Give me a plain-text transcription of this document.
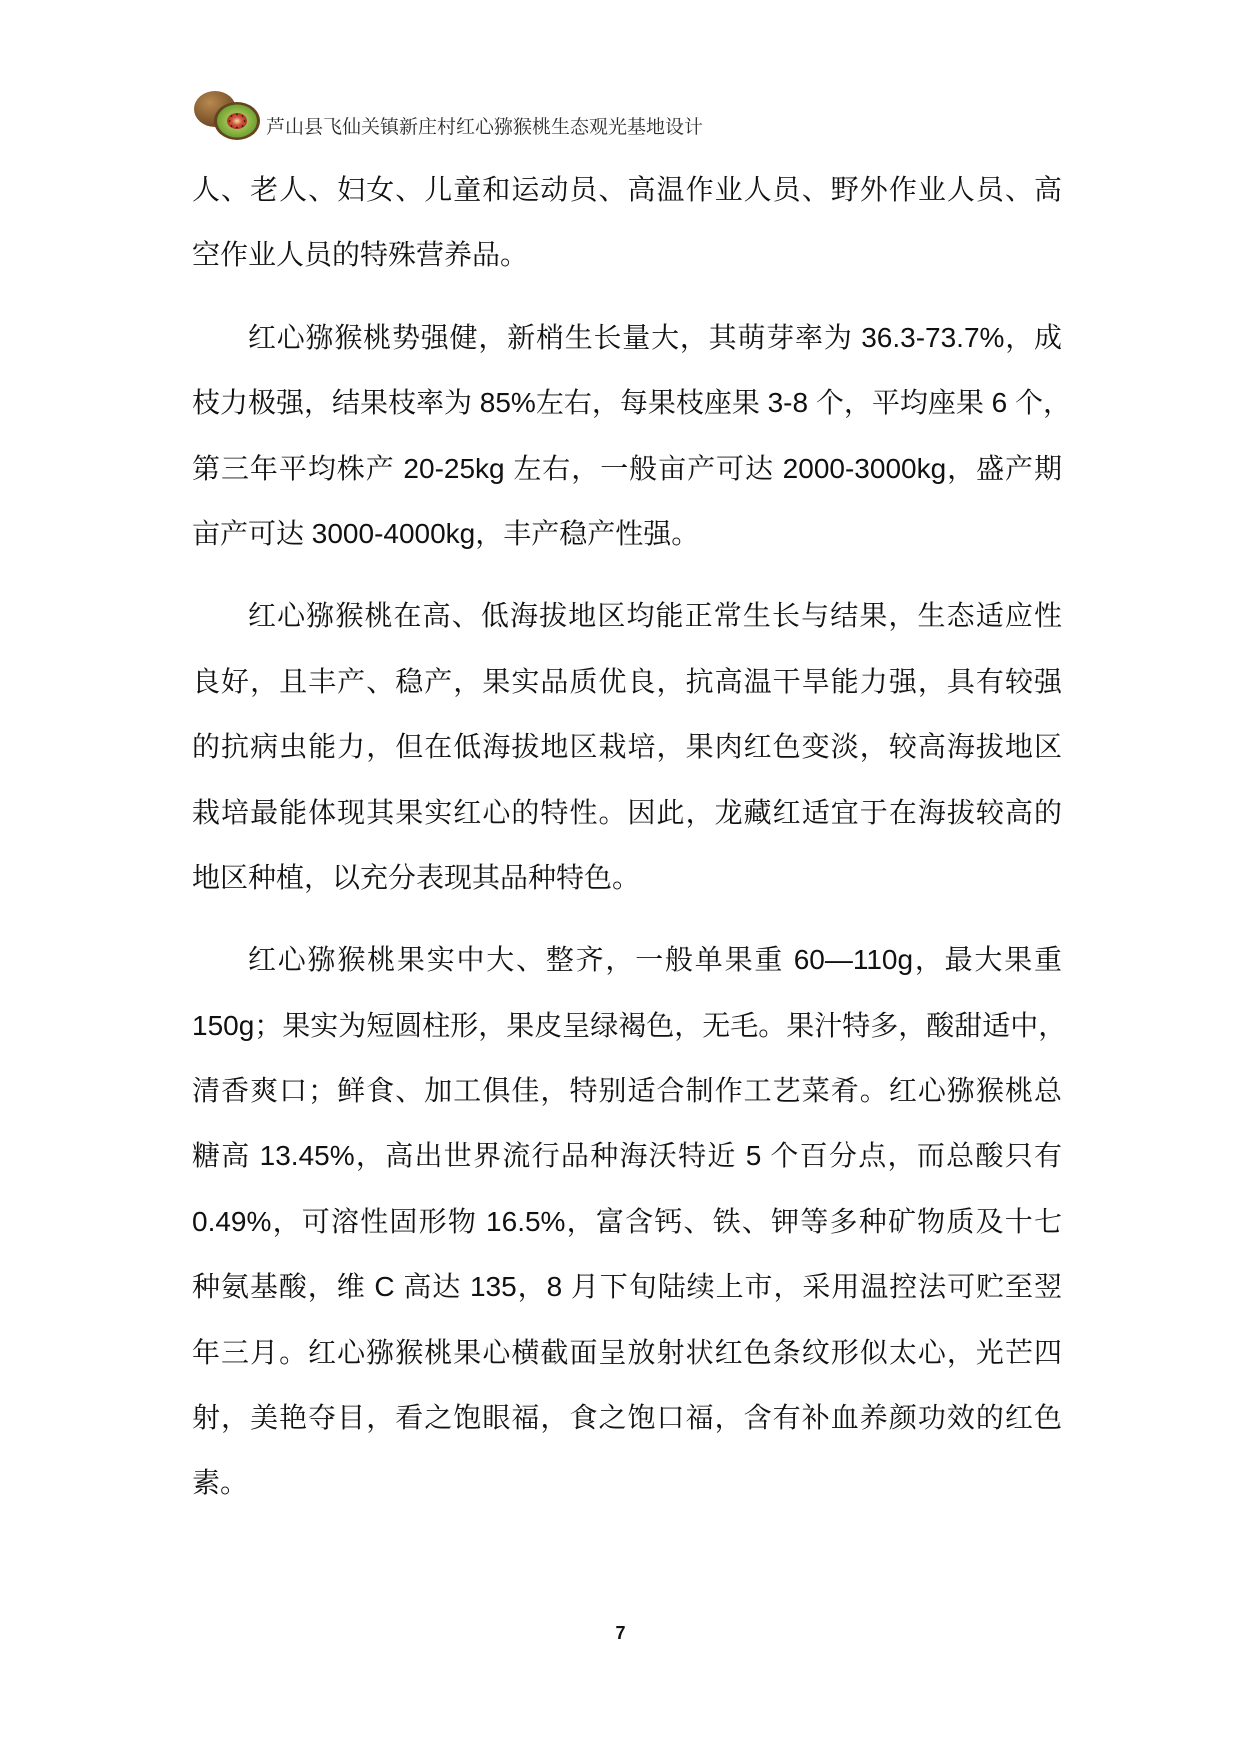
芦山县飞仙关镇新庄村红心猕猴桃生态观光基地设计
人、老人、妇女、儿童和运动员、高温作业人员、野外作业人员、高
空作业人员的特殊营养品。
红心猕猴桃势强健，新梢生长量大，其萌芽率为 36.3-73.7%，成
枝力极强，结果枝率为 85%左右，每果枝座果 3-8 个，平均座果 6 个，
第三年平均株产 20-25kg 左右，一般亩产可达 2000-3000kg，盛产期
亩产可达 3000-4000kg，丰产稳产性强。
红心猕猴桃在高、低海拔地区均能正常生长与结果，生态适应性
良好，且丰产、稳产，果实品质优良，抗高温干旱能力强，具有较强
的抗病虫能力，但在低海拔地区栽培，果肉红色变淡，较高海拔地区
栽培最能体现其果实红心的特性。因此，龙藏红适宜于在海拔较高的
地区种植，以充分表现其品种特色。
红心猕猴桃果实中大、整齐，一般单果重 60—110g，最大果重
150g；果实为短圆柱形，果皮呈绿褐色，无毛。果汁特多，酸甜适中，
清香爽口；鲜食、加工俱佳，特别适合制作工艺菜肴。红心猕猴桃总
糖高 13.45%，高出世界流行品种海沃特近 5 个百分点，而总酸只有
0.49%，可溶性固形物 16.5%，富含钙、铁、钾等多种矿物质及十七
种氨基酸，维 C 高达 135，8 月下旬陆续上市，采用温控法可贮至翌
年三月。红心猕猴桃果心横截面呈放射状红色条纹形似太心，光芒四
射，美艳夺目，看之饱眼福，食之饱口福，含有补血养颜功效的红色
素。
7
